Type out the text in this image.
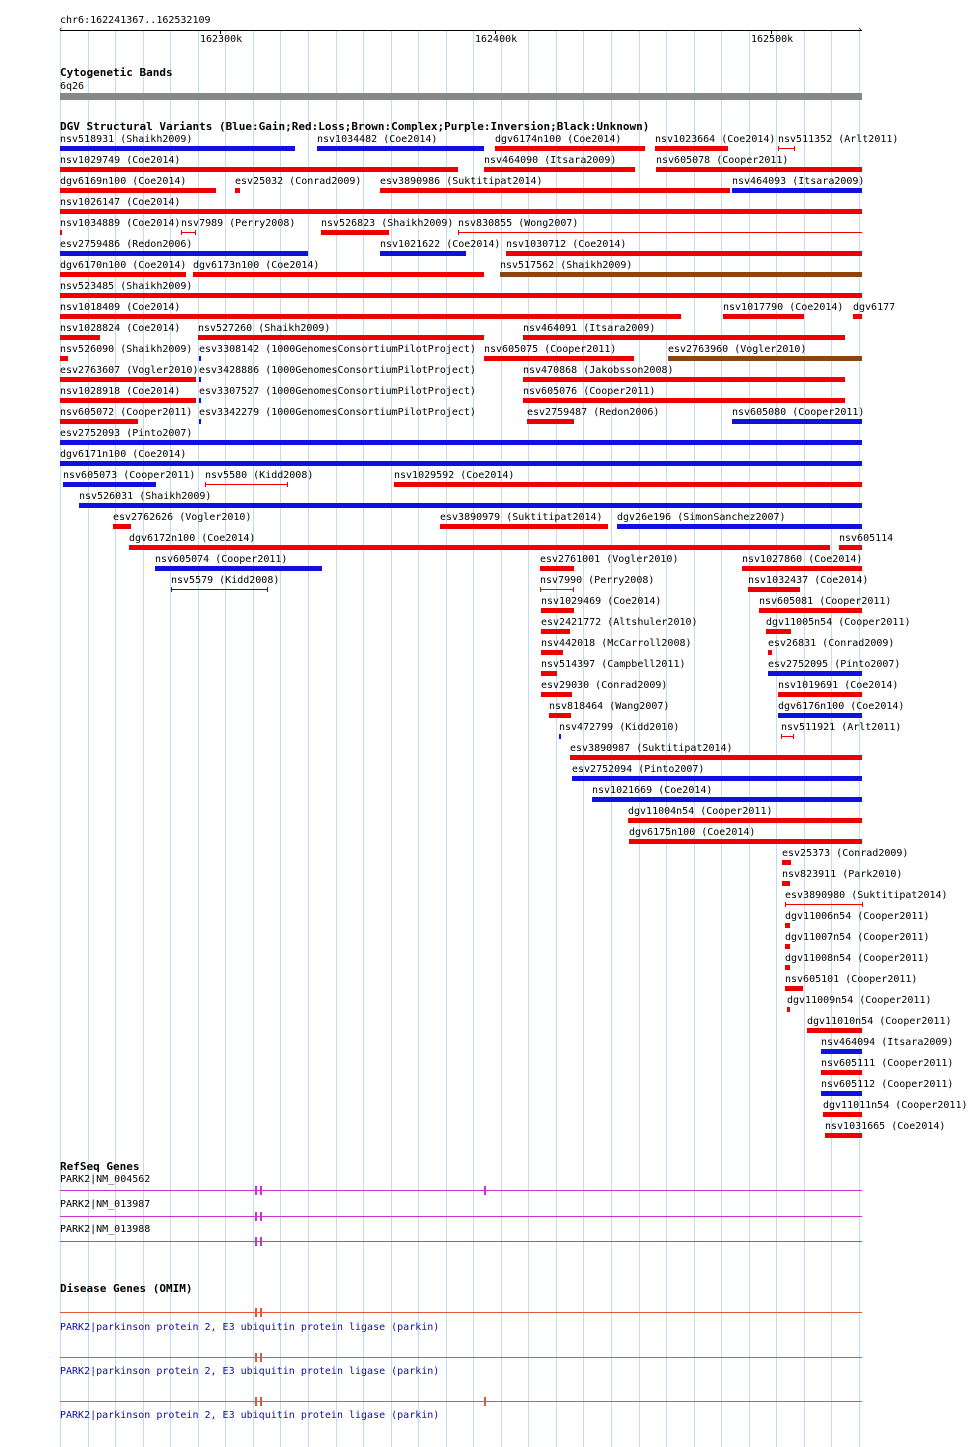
chr6:162241367..162532109
‹	›
162300k	162400k	162500k
Cytogenetic Bands
6q26
DGV Structural Variants (Blue:Gain;Red:Loss;Brown:Complex;Purple:Inversion;Black:Unknown)
nsv518931 (Shaikh2009)	nsv1034482 (Coe2014)	dgv6174n100 (Coe2014)	nsv1023664 (Coe2014) nsv511352 (Arlt2011)
nsv1029749 (Coe2014)	nsv464090 (Itsara2009)	nsv605078 (Cooper2011)
dgv6169n100 (Coe2014)	esv25032 (Conrad2009) esv3890986 (Suktitipat2014)	nsv464093 (Itsara2009)
nsv1026147 (Coe2014)
nsv1034889 (Coe2014) nsv7989 (Perry2008)	nsv526823 (Shaikh2009) nsv830855 (Wong2007)
esv2759486 (Redon2006)	nsv1021622 (Coe2014) nsv1030712 (Coe2014)
dgv6170n100 (Coe2014) dgv6173n100 (Coe2014)	nsv517562 (Shaikh2009)
nsv523485 (Shaikh2009)
nsv1018409 (Coe2014)	nsv1017790 (Coe2014) dgv6177
nsv1028824 (Coe2014) nsv527260 (Shaikh2009)	nsv464091 (Itsara2009)
nsv526090 (Shaikh2009) esv3308142 (1000GenomesConsortiumPilotProject) nsv605075 (Cooper2011)	esv2763960 (Vogler2010)
esv2763607 (Vogler2010) esv3428886 (1000GenomesConsortiumPilotProject)	nsv470868 (Jakobsson2008)
nsv1028918 (Coe2014) esv3307527 (1000GenomesConsortiumPilotProject)	nsv605076 (Cooper2011)
nsv605072 (Cooper2011) esv3342279 (1000GenomesConsortiumPilotProject)	esv2759487 (Redon2006)	nsv605080 (Cooper2011)
esv2752093 (Pinto2007)
dgv6171n100 (Coe2014)
nsv605073 (Cooper2011) nsv5580 (Kidd2008)	nsv1029592 (Coe2014)
nsv526031 (Shaikh2009)
esv2762626 (Vogler2010)	esv3890979 (Suktitipat2014) dgv26e196 (SimonSanchez2007)
dgv6172n100 (Coe2014)	nsv605114
nsv605074 (Cooper2011)	esv2761001 (Vogler2010)	nsv1027860 (Coe2014)
nsv5579 (Kidd2008)	nsv7990 (Perry2008)	nsv1032437 (Coe2014)
nsv1029469 (Coe2014)	nsv605081 (Cooper2011)
esv2421772 (Altshuler2010)	dgv11005n54 (Cooper2011)
nsv442018 (McCarroll2008)	esv26831 (Conrad2009)
nsv514397 (Campbell2011)	esv2752095 (Pinto2007)
esv29030 (Conrad2009)	nsv1019691 (Coe2014)
nsv818464 (Wang2007)	dgv6176n100 (Coe2014)
nsv472799 (Kidd2010)	nsv511921 (Arlt2011)
esv3890987 (Suktitipat2014)
esv2752094 (Pinto2007)
nsv1021669 (Coe2014)
dgv11004n54 (Cooper2011)
dgv6175n100 (Coe2014)
esv25373 (Conrad2009)
nsv823911 (Park2010)
esv3890980 (Suktitipat2014)
dgv11006n54 (Cooper2011)
dgv11007n54 (Cooper2011)
dgv11008n54 (Cooper2011)
nsv605101 (Cooper2011)
dgv11009n54 (Cooper2011)
dgv11010n54 (Cooper2011)
nsv464094 (Itsara2009)
nsv605111 (Cooper2011)
nsv605112 (Cooper2011)
dgv11011n54 (Cooper2011)
nsv1031665 (Coe2014)
RefSeq Genes
PARK2|NM_004562
PARK2|NM_013987
PARK2|NM_013988
Disease Genes (OMIM)
PARK2|parkinson protein 2, E3 ubiquitin protein ligase (parkin)
PARK2|parkinson protein 2, E3 ubiquitin protein ligase (parkin)
PARK2|parkinson protein 2, E3 ubiquitin protein ligase (parkin)
